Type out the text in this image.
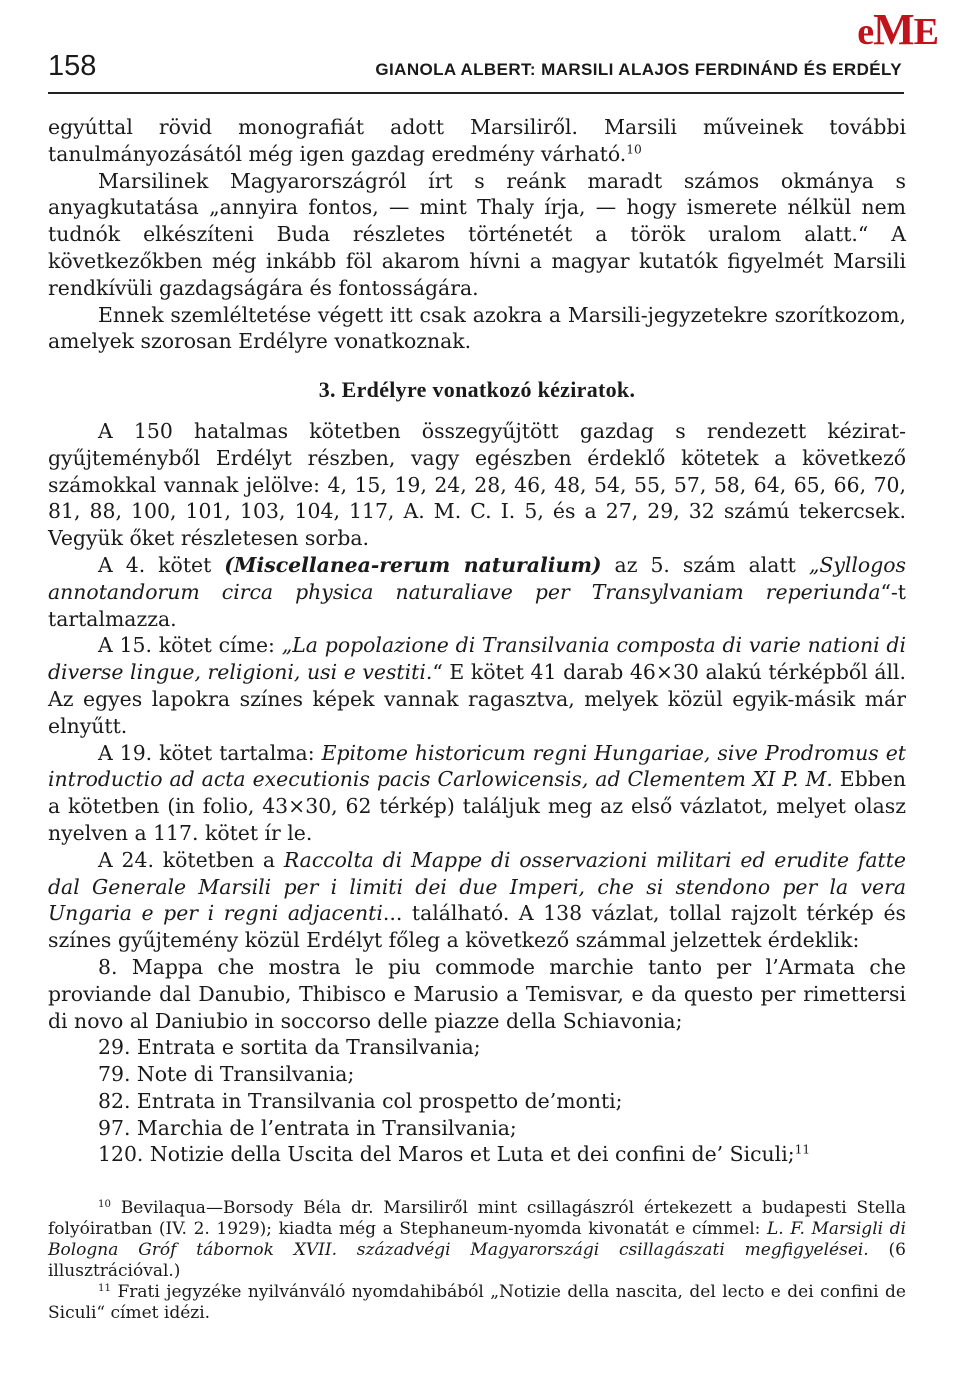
eME
158	GIANOLA ALBERT: MARSILI ALAJOS FERDINÁND ÉS ERDÉLY

egyúttal rövid monografiát adott Marsiliről. Marsili műveinek további tanulmányozásától még igen gazdag eredmény várható.$^{10}$

Marsilinek Magyarországról írt s reánk maradt számos okmánya s anyagkutatása „annyira fontos, — mint Thaly írja, — hogy ismerete nélkül nem tudnók elkészíteni Buda részletes történetét a török uralom alatt.“ A következőkben még inkább föl akarom hívni a magyar kutatók figyelmét Marsili rendkívüli gazdagságára és fontosságára.

Ennek szemléltetése végett itt csak azokra a Marsili-jegyzetekre szorítkozom, amelyek szorosan Erdélyre vonatkoznak.

3. Erdélyre vonatkozó kéziratok.

A 150 hatalmas kötetben összegyűjtött gazdag s rendezett kéziratgyűjteményből Erdélyt részben, vagy egészben érdeklő kötetek a következő számokkal vannak jelölve: 4, 15, 19, 24, 28, 46, 48, 54, 55, 57, 58, 64, 65, 66, 70, 81, 88, 100, 101, 103, 104, 117, A. M. C. I. 5, és a 27, 29, 32 számú tekercsek. Vegyük őket részletesen sorba.

A 4. kötet (Miscellanea-rerum naturalium) az 5. szám alatt „Syllogos annotandorum circa physica naturaliave per Transylvaniam reperiunda“-t tartalmazza.

A 15. kötet címe: „La popolazione di Transilvania composta di varie nationi di diverse lingue, religioni, usi e vestiti.“ E kötet 41 darab 46×30 alakú térképből áll. Az egyes lapokra színes képek vannak ragasztva, melyek közül egyik-másik már elnyűtt.

A 19. kötet tartalma: Epitome historicum regni Hungariae, sive Prodromus et introductio ad acta executionis pacis Carlowicensis, ad Clementem XI P. M. Ebben a kötetben (in folio, 43×30, 62 térkép) találjuk meg az első vázlatot, melyet olasz nyelven a 117. kötet ír le.

A 24. kötetben a Raccolta di Mappe di osservazioni militari ed erudite fatte dal Generale Marsili per i limiti dei due Imperi, che si stendono per la vera Ungaria e per i regni adjacenti... található. A 138 vázlat, tollal rajzolt térkép és színes gyűjtemény közül Erdélyt főleg a következő számmal jelzettek érdeklik:

8. Mappa che mostra le piu commode marchie tanto per l’Armata che proviande dal Danubio, Thibisco e Marusio a Temisvar, e da questo per rimettersi di novo al Daniubio in soccorso delle piazze della Schiavonia;

29. Entrata e sortita da Transilvania;

79. Note di Transilvania;

82. Entrata in Transilvania col prospetto de’monti;

97. Marchia de l’entrata in Transilvania;

120. Notizie della Uscita del Maros et Luta et dei confini de’ Siculi;$^{11}$

$^{10}$ Bevilaqua—Borsody Béla dr. Marsiliről mint csillagászról értekezett a budapesti Stella folyóiratban (IV. 2. 1929); kiadta még a Stephaneum-nyomda kivonatát e címmel: L. F. Marsigli di Bologna Gróf tábornok XVII. századvégi Magyarországi csillagászati megfigyelései. (6 illusztrációval.)

$^{11}$ Frati jegyzéke nyilvánváló nyomdahibából „Notizie della nascita, del lecto e dei confini de Siculi“ címet idézi.
